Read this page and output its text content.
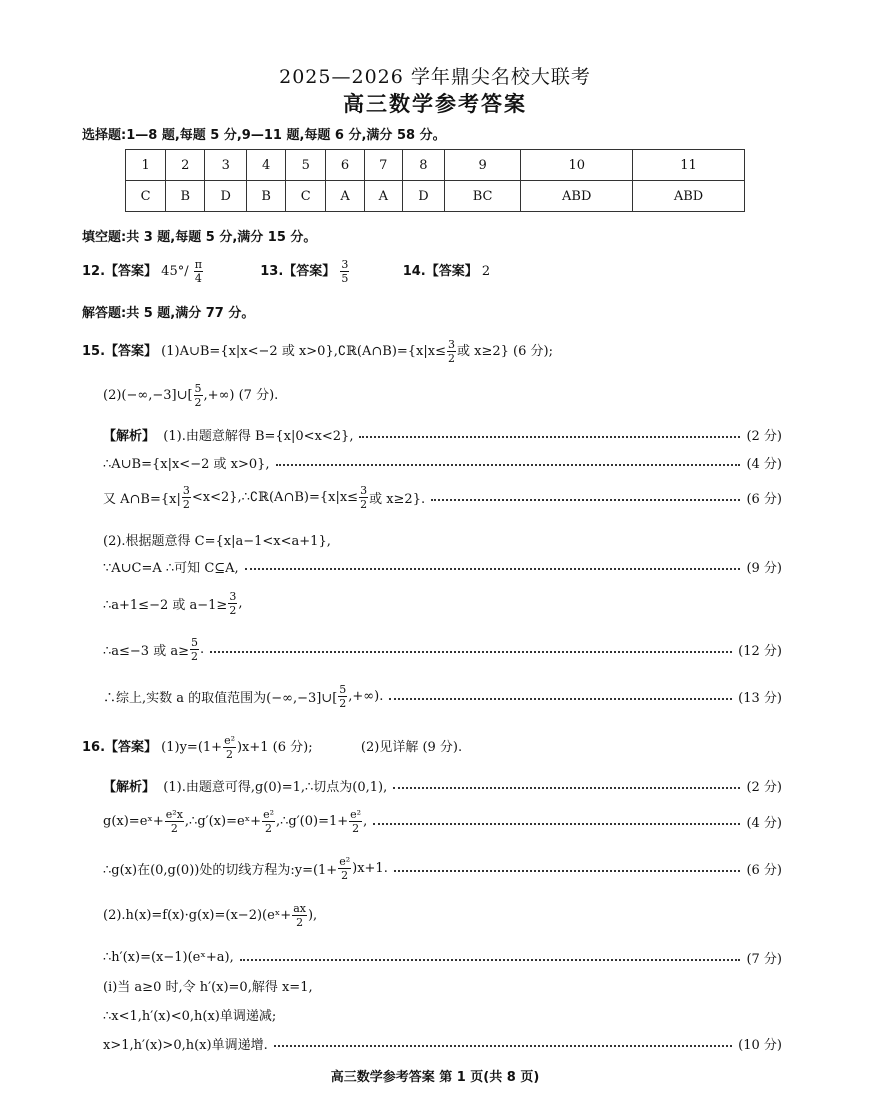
2025—2026 学年鼎尖名校大联考
高三数学参考答案
选择题:1—8 题,每题 5 分,9—11 题,每题 6 分,满分 58 分。
1	2	3	4	5	6	7	8	9	10	11
C	B	D	B	C	A	A	D	BC	ABD	ABD
填空题:共 3 题,每题 5 分,满分 15 分。
12.【答案】 $45^\circ/ \frac{\pi}{4}$	13.【答案】 $\frac{3}{5}$	14.【答案】 2
解答题:共 5 题,满分 77 分。
15.【答案】 (1)A∪B={x|x<−2 或 x>0},∁ℝ(A∩B)={x|x≤ $\frac{3}{2}$ 或 x≥2} (6 分);
(2)(−∞,−3]∪[ $\frac{5}{2}$ ,+∞) (7 分).
【解析】
(1).由题意解得 B={x|0<x<2},	(2 分)
∴A∪B={x|x<−2 或 x>0},	(4 分)
又 A∩B={x| $\frac{3}{2}$ <x<2},∴∁ℝ(A∩B)={x|x≤ $\frac{3}{2}$ 或 x≥2}.	(6 分)
(2).根据题意得 C={x|a−1<x<a+1},
∵A∪C=A ∴可知 C⊆A,	(9 分)
∴a+1≤−2 或 $a-1\ge \frac{3}{2}$ ,
∴a≤−3 或 $a\ge \frac{5}{2}$ .	(12 分)
∴综上,实数 a 的取值范围为(−∞,−3]∪[ $\frac{5}{2}$ ,+∞).	(13 分)
16.【答案】 $(1)y=(1+ \frac{\text{e²}}{2} )x+1$ (6 分);	(2)见详解 (9 分).
【解析】
(1).由题意可得,g(0)=1,∴切点为(0,1),	(2 分)
g(x)=eˣ+ $\frac{\text{e²x}}{2}$ ,∴g′(x)=eˣ+ $\frac{\text{e²}}{2}$ ,∴g′(0)=1+ $\frac{\text{e²}}{2}$ ,	(4 分)
∴g(x)在(0,g(0))处的切线方程为:y=(1+ $\frac{\text{e²}}{2} )x+1$.	(6 分)
(2).h(x)=f(x)·g(x)=(x−2)(eˣ+ $\frac{ax}{2}$ ),
∴h′(x)=(x−1)(eˣ+a),	(7 分)
(i)当 a≥0 时,令 h′(x)=0,解得 x=1,
∴x<1,h′(x)<0,h(x)单调递减;
x>1,h′(x)>0,h(x)单调递增.	(10 分)
高三数学参考答案 第 1 页(共 8 页)
